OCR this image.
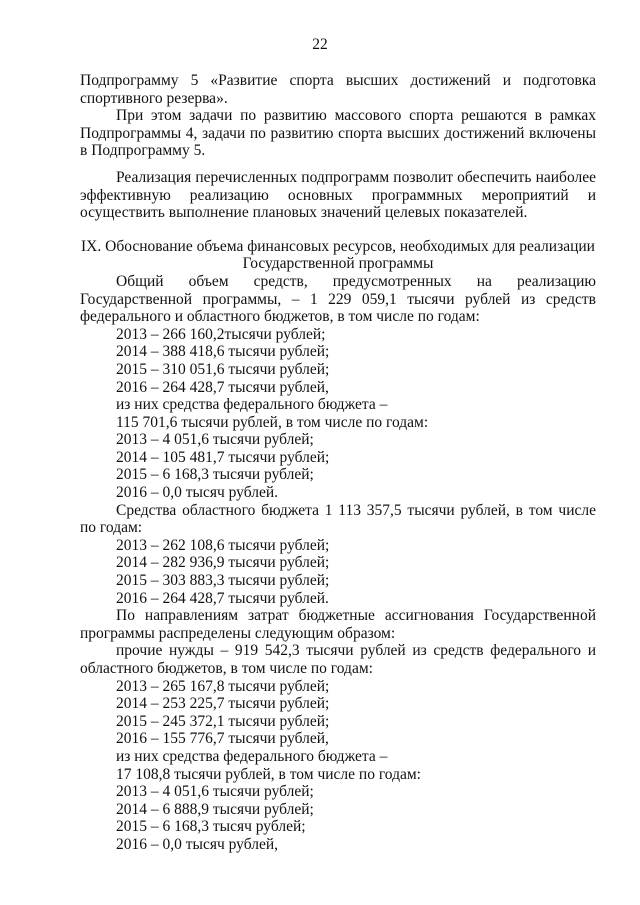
22

Подпрограмму 5 «Развитие спорта высших достижений и подготовка спортивного резерва».

При этом задачи по развитию массового спорта решаются в рамках Подпрограммы 4, задачи по развитию спорта высших достижений включены в Подпрограмму 5.

Реализация перечисленных подпрограмм позволит обеспечить наиболее эффективную реализацию основных программных мероприятий и осуществить выполнение плановых значений целевых показателей.

IX. Обоснование объема финансовых ресурсов, необходимых для реализации Государственной программы

Общий объем средств, предусмотренных на реализацию Государственной программы, – 1 229 059,1 тысячи рублей из средств федерального и областного бюджетов, в том числе по годам:

2013 – 266 160,2тысячи рублей;

2014 – 388 418,6 тысячи рублей;

2015 – 310 051,6 тысячи рублей;

2016 – 264 428,7 тысячи рублей,

из них средства федерального бюджета –

115 701,6 тысячи рублей, в том числе по годам:

2013 – 4 051,6 тысячи рублей;

2014 – 105 481,7 тысячи рублей;

2015 – 6 168,3 тысячи рублей;

2016 – 0,0 тысяч рублей.

Средства областного бюджета 1 113 357,5 тысячи рублей, в том числе по годам:

2013 – 262 108,6 тысячи рублей;

2014 – 282 936,9 тысячи рублей;

2015 – 303 883,3 тысячи рублей;

2016 – 264 428,7 тысячи рублей.

По направлениям затрат бюджетные ассигнования Государственной программы распределены следующим образом:

прочие нужды – 919 542,3 тысячи рублей из средств федерального и областного бюджетов, в том числе по годам:

2013 – 265 167,8 тысячи рублей;

2014 – 253 225,7 тысячи рублей;

2015 – 245 372,1 тысячи рублей;

2016 – 155 776,7 тысячи рублей,

из них средства федерального бюджета –

17 108,8 тысячи рублей, в том числе по годам:

2013 – 4 051,6 тысячи рублей;

2014 – 6 888,9 тысячи рублей;

2015 – 6 168,3 тысяч рублей;

2016 – 0,0 тысяч рублей,
